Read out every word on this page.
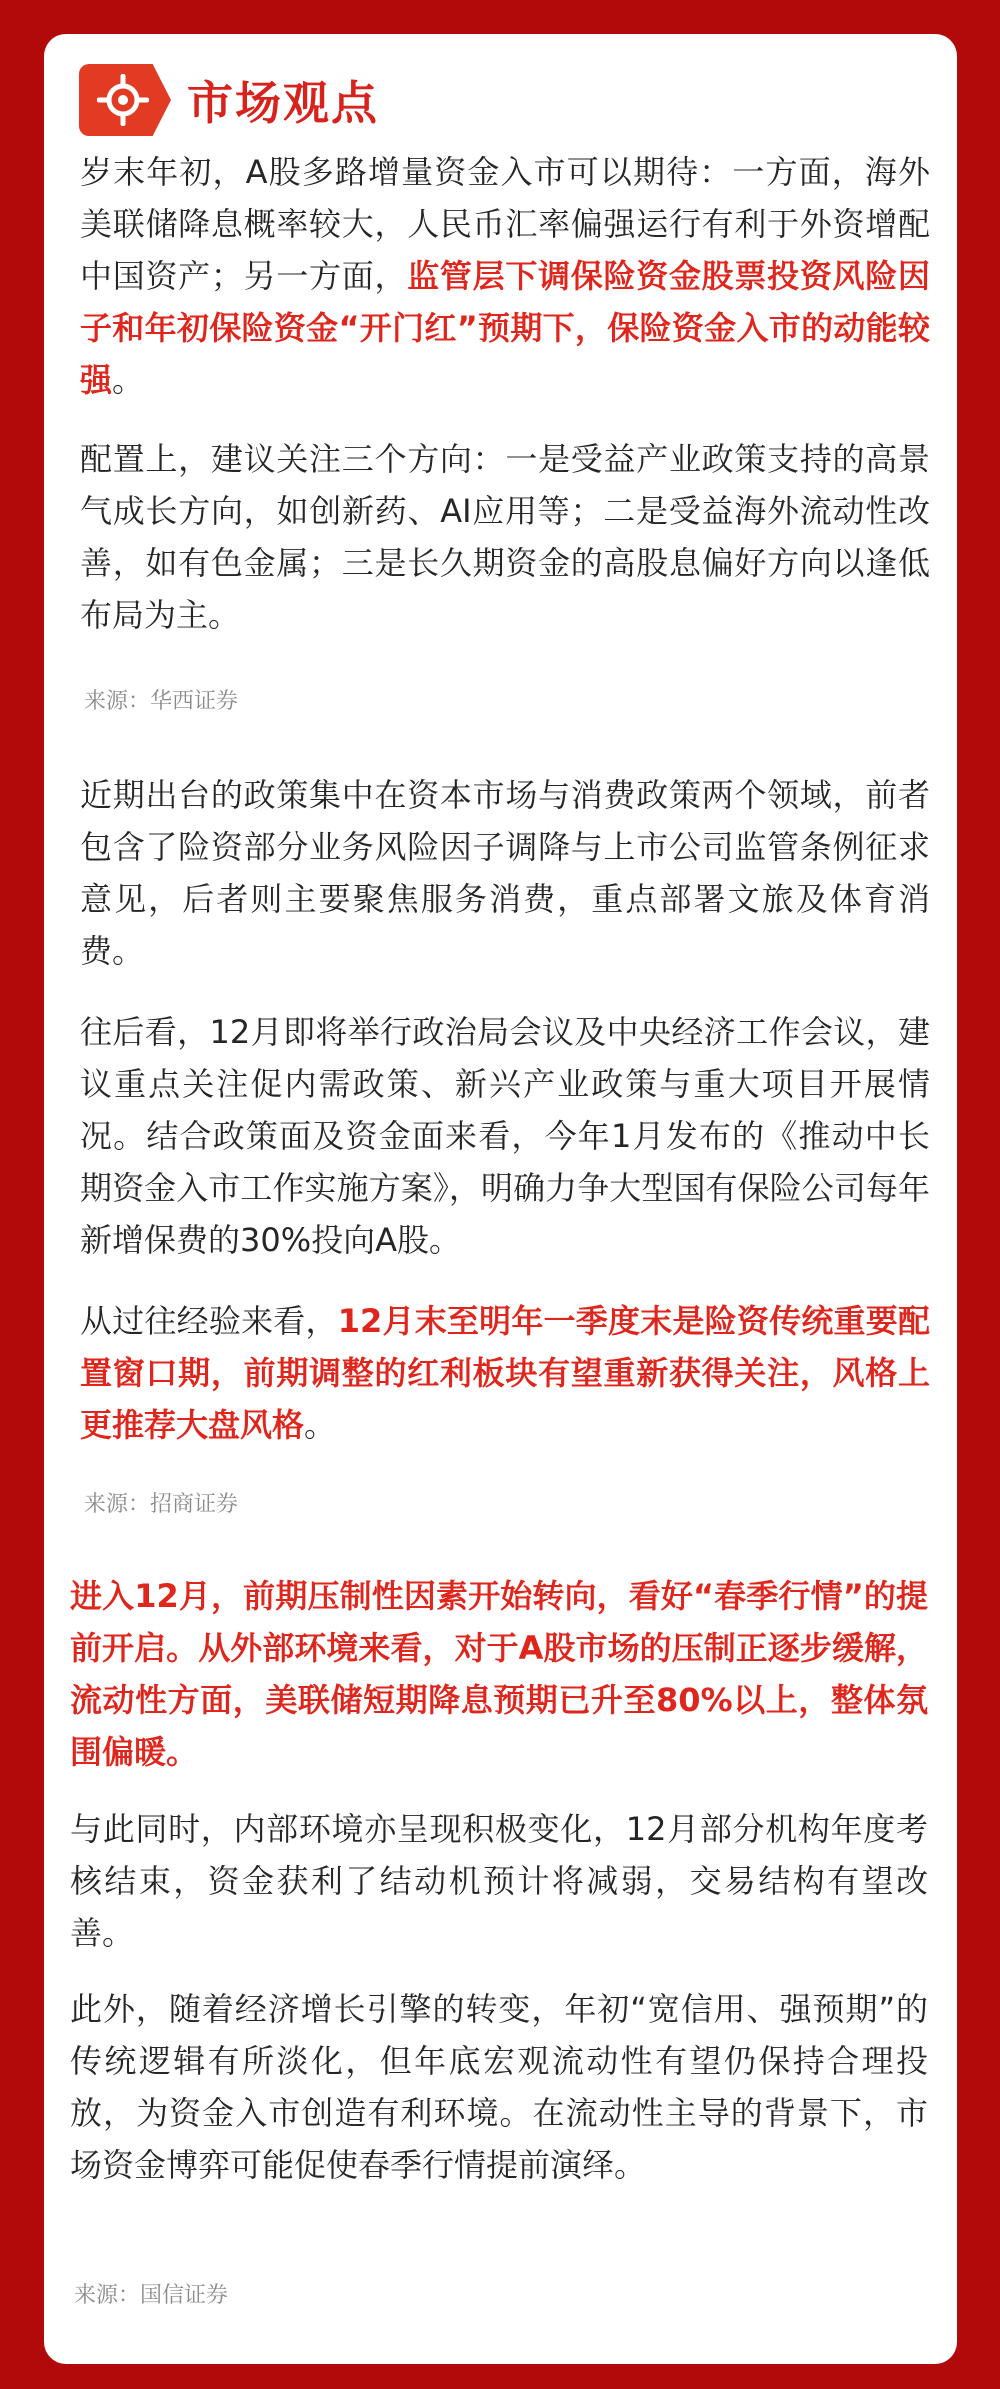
市场观点

岁末年初，A股多路增量资金入市可以期待：一方面，海外美联储降息概率较大，人民币汇率偏强运行有利于外资增配中国资产；另一方面，监管层下调保险资金股票投资风险因子和年初保险资金“开门红”预期下，保险资金入市的动能较强。

配置上，建议关注三个方向：一是受益产业政策支持的高景气成长方向，如创新药、AI应用等；二是受益海外流动性改善，如有色金属；三是长久期资金的高股息偏好方向以逢低布局为主。

来源：华西证券

近期出台的政策集中在资本市场与消费政策两个领域，前者包含了险资部分业务风险因子调降与上市公司监管条例征求意见，后者则主要聚焦服务消费，重点部署文旅及体育消费。

往后看，12月即将举行政治局会议及中央经济工作会议，建议重点关注促内需政策、新兴产业政策与重大项目开展情况。结合政策面及资金面来看，今年1月发布的《推动中长期资金入市工作实施方案》，明确力争大型国有保险公司每年新增保费的30%投向A股。

从过往经验来看，12月末至明年一季度末是险资传统重要配置窗口期，前期调整的红利板块有望重新获得关注，风格上更推荐大盘风格。

来源：招商证券

进入12月，前期压制性因素开始转向，看好“春季行情”的提前开启。从外部环境来看，对于A股市场的压制正逐步缓解，流动性方面，美联储短期降息预期已升至80%以上，整体氛围偏暖。

与此同时，内部环境亦呈现积极变化，12月部分机构年度考核结束，资金获利了结动机预计将减弱，交易结构有望改善。

此外，随着经济增长引擎的转变，年初“宽信用、强预期”的传统逻辑有所淡化，但年底宏观流动性有望仍保持合理投放，为资金入市创造有利环境。在流动性主导的背景下，市场资金博弈可能促使春季行情提前演绎。

来源：国信证券
